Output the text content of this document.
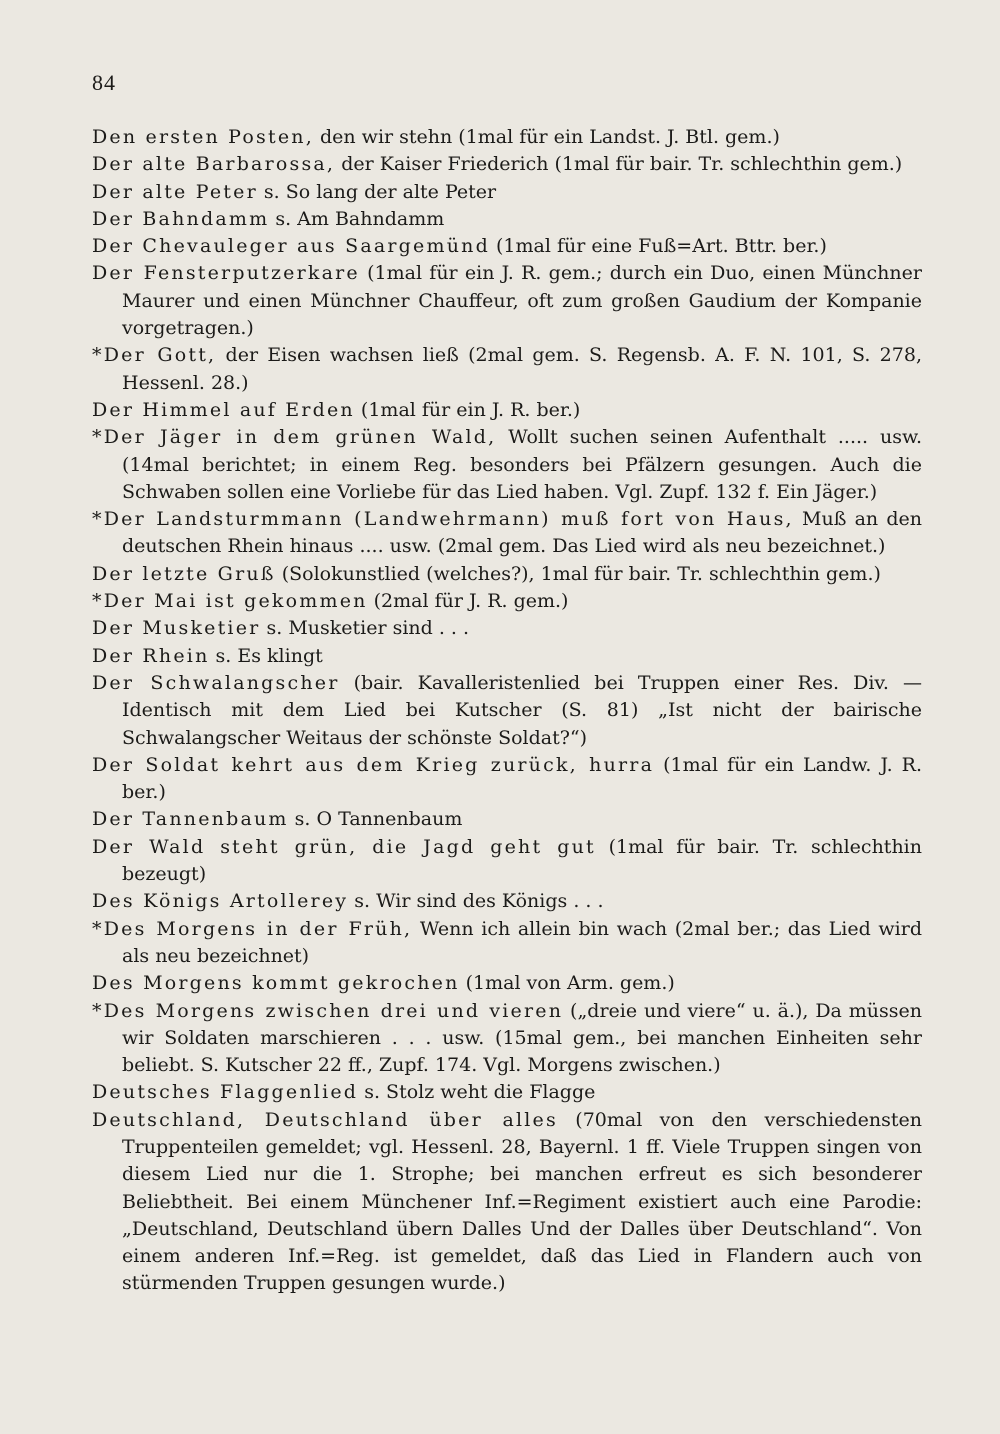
84

Den ersten Posten, den wir stehn (1mal für ein Landst. J. Btl. gem.)

Der alte Barbarossa, der Kaiser Friederich (1mal für bair. Tr. schlechthin gem.)

Der alte Peter s. So lang der alte Peter

Der Bahndamm s. Am Bahndamm

Der Chevauleger aus Saargemünd (1mal für eine Fuß=Art. Bttr. ber.)

Der Fensterputzerkare (1mal für ein J. R. gem.; durch ein Duo, einen Münchner Maurer und einen Münchner Chauffeur, oft zum großen Gaudium der Kompanie vorgetragen.)

*Der Gott, der Eisen wachsen ließ (2mal gem. S. Regensb. A. F. N. 101, S. 278, Hessenl. 28.)

Der Himmel auf Erden (1mal für ein J. R. ber.)

*Der Jäger in dem grünen Wald, Wollt suchen seinen Aufenthalt ..... usw. (14mal berichtet; in einem Reg. besonders bei Pfälzern gesungen. Auch die Schwaben sollen eine Vorliebe für das Lied haben. Vgl. Zupf. 132 f. Ein Jäger.)

*Der Landsturmmann (Landwehrmann) muß fort von Haus, Muß an den deutschen Rhein hinaus .... usw. (2mal gem. Das Lied wird als neu bezeichnet.)

Der letzte Gruß (Solokunstlied (welches?), 1mal für bair. Tr. schlechthin gem.)

*Der Mai ist gekommen (2mal für J. R. gem.)

Der Musketier s. Musketier sind . . .

Der Rhein s. Es klingt

Der Schwalangscher (bair. Kavalleristenlied bei Truppen einer Res. Div. — Identisch mit dem Lied bei Kutscher (S. 81) „Ist nicht der bairische Schwalangscher Weitaus der schönste Soldat?“)

Der Soldat kehrt aus dem Krieg zurück, hurra (1mal für ein Landw. J. R. ber.)

Der Tannenbaum s. O Tannenbaum

Der Wald steht grün, die Jagd geht gut (1mal für bair. Tr. schlechthin bezeugt)

Des Königs Artollerey s. Wir sind des Königs . . .

*Des Morgens in der Früh, Wenn ich allein bin wach (2mal ber.; das Lied wird als neu bezeichnet)

Des Morgens kommt gekrochen (1mal von Arm. gem.)

*Des Morgens zwischen drei und vieren („dreie und viere“ u. ä.), Da müssen wir Soldaten marschieren . . . usw. (15mal gem., bei manchen Einheiten sehr beliebt. S. Kutscher 22 ff., Zupf. 174. Vgl. Morgens zwischen.)

Deutsches Flaggenlied s. Stolz weht die Flagge

Deutschland, Deutschland über alles (70mal von den verschiedensten Truppenteilen gemeldet; vgl. Hessenl. 28, Bayernl. 1 ff. Viele Truppen singen von diesem Lied nur die 1. Strophe; bei manchen erfreut es sich besonderer Beliebtheit. Bei einem Münchener Inf.=Regiment existiert auch eine Parodie: „Deutschland, Deutschland übern Dalles Und der Dalles über Deutschland“. Von einem anderen Inf.=Reg. ist gemeldet, daß das Lied in Flandern auch von stürmenden Truppen gesungen wurde.)
